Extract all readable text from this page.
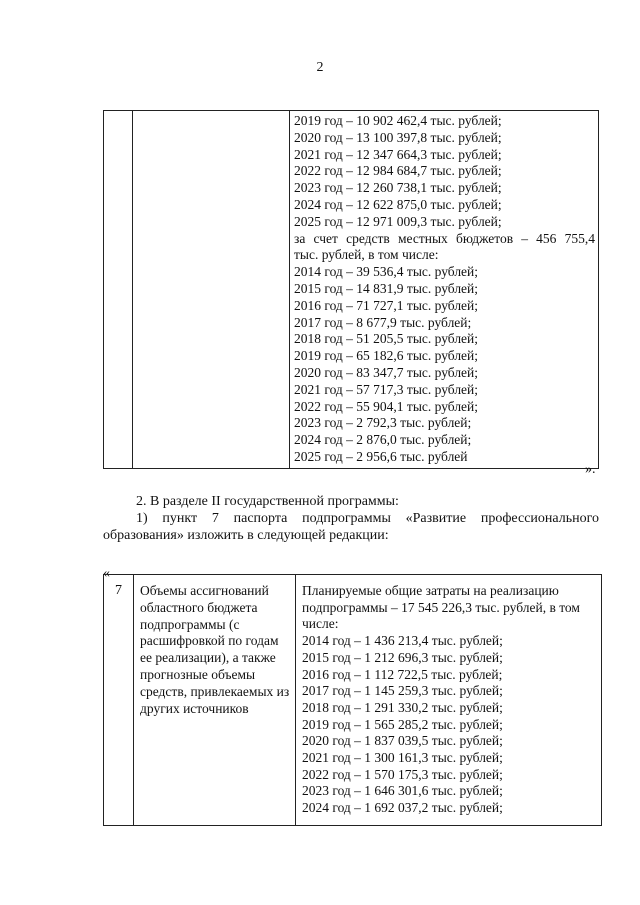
2

2019 год – 10 902 462,4 тыс. рублей;
2020 год – 13 100 397,8 тыс. рублей;
2021 год – 12 347 664,3 тыс. рублей;
2022 год – 12 984 684,7 тыс. рублей;
2023 год – 12 260 738,1 тыс. рублей;
2024 год – 12 622 875,0 тыс. рублей;
2025 год – 12 971 009,3 тыс. рублей;
за счет средств местных бюджетов – 456 755,4
тыс. рублей, в том числе:
2014 год – 39 536,4 тыс. рублей;
2015 год – 14 831,9 тыс. рублей;
2016 год – 71 727,1 тыс. рублей;
2017 год – 8 677,9 тыс. рублей;
2018 год – 51 205,5 тыс. рублей;
2019 год – 65 182,6 тыс. рублей;
2020 год – 83 347,7 тыс. рублей;
2021 год – 57 717,3 тыс. рублей;
2022 год – 55 904,1 тыс. рублей;
2023 год – 2 792,3 тыс. рублей;
2024 год – 2 876,0 тыс. рублей;
2025 год – 2 956,6 тыс. рублей
».
2. В разделе II государственной программы:
1) пункт 7 паспорта подпрограммы «Развитие профессионального образования» изложить в следующей редакции:
«
7	Объемы ассигнований областного бюджета подпрограммы (с расшифровкой по годам ее реализации), а также прогнозные объемы средств, привлекаемых из других источников

Планируемые общие затраты на реализацию подпрограммы – 17 545 226,3 тыс. рублей, в том числе:
2014 год – 1 436 213,4 тыс. рублей;
2015 год – 1 212 696,3 тыс. рублей;
2016 год – 1 112 722,5 тыс. рублей;
2017 год – 1 145 259,3 тыс. рублей;
2018 год – 1 291 330,2 тыс. рублей;
2019 год – 1 565 285,2 тыс. рублей;
2020 год – 1 837 039,5 тыс. рублей;
2021 год – 1 300 161,3 тыс. рублей;
2022 год – 1 570 175,3 тыс. рублей;
2023 год – 1 646 301,6 тыс. рублей;
2024 год – 1 692 037,2 тыс. рублей;
